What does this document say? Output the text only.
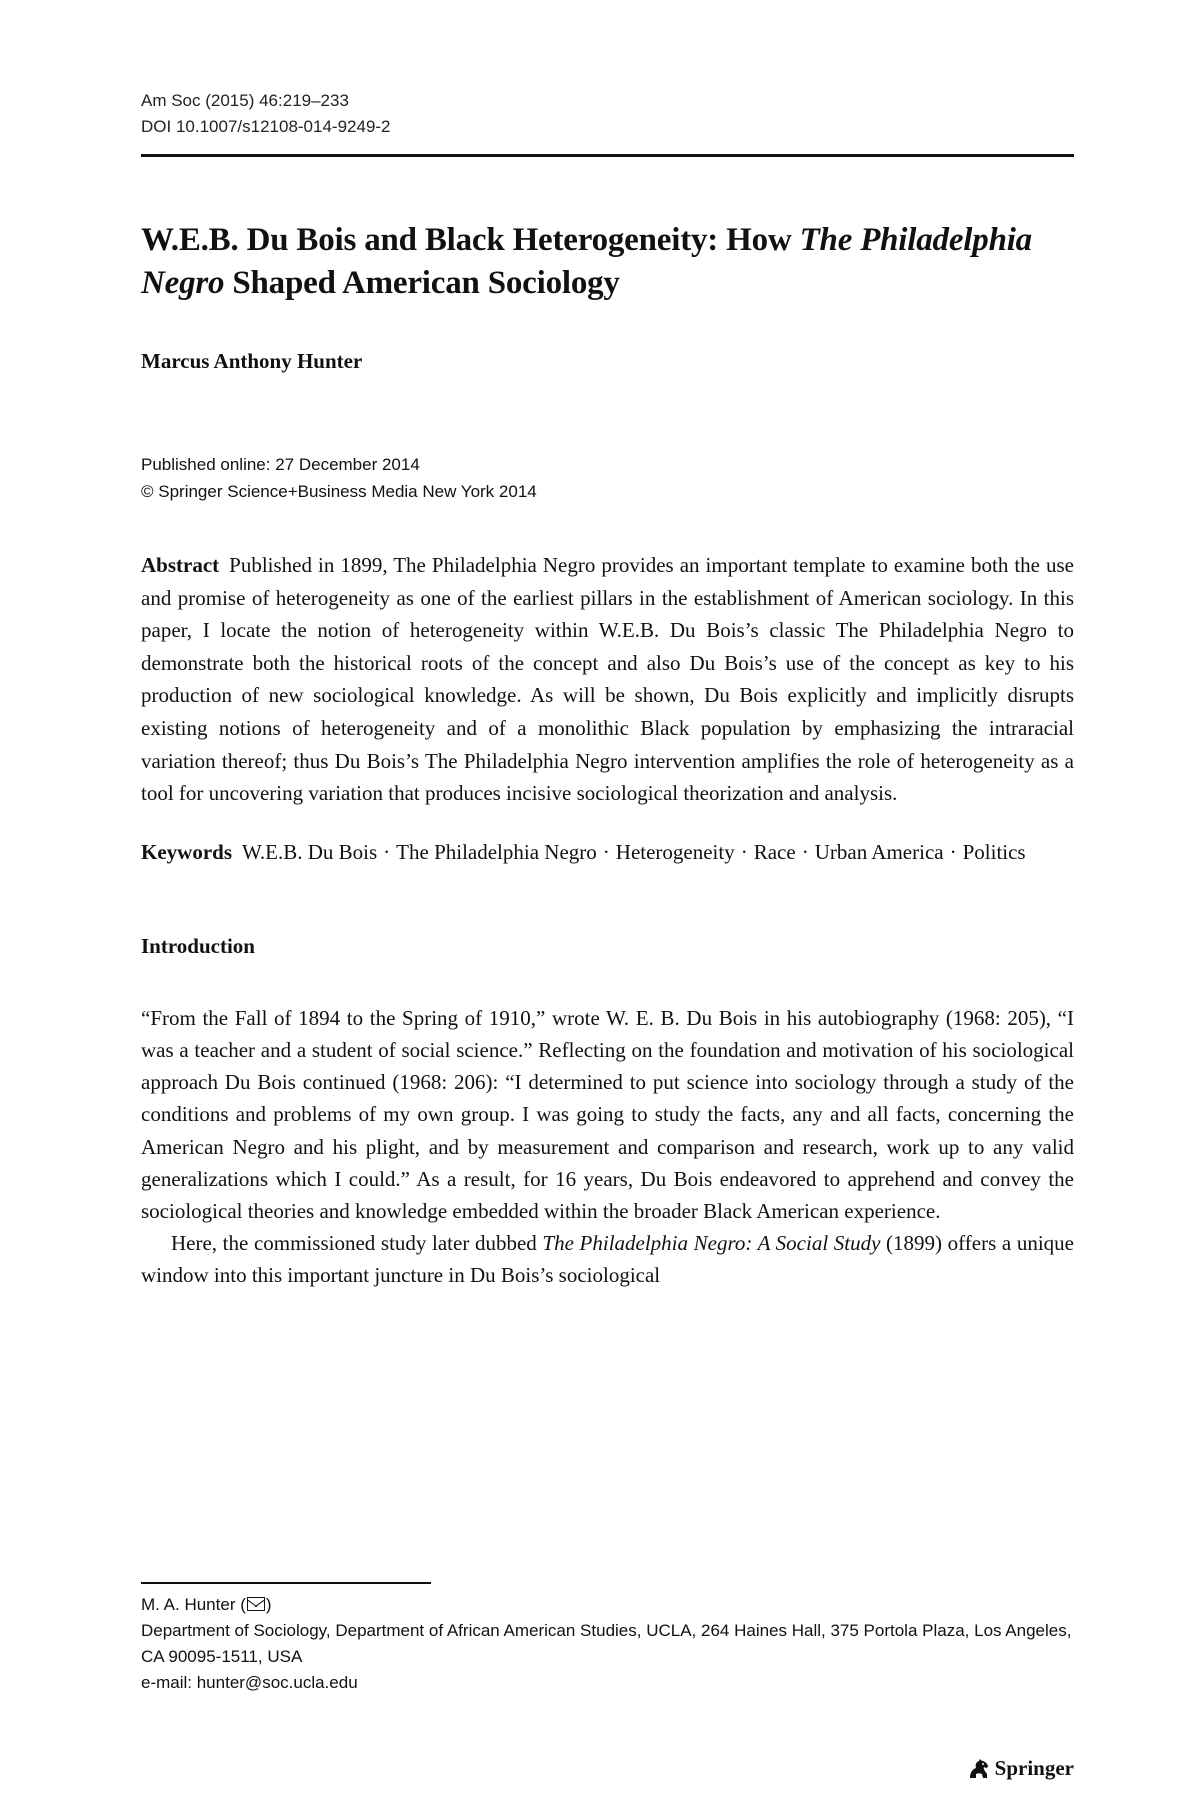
Am Soc (2015) 46:219–233
DOI 10.1007/s12108-014-9249-2
W.E.B. Du Bois and Black Heterogeneity: How The Philadelphia Negro Shaped American Sociology
Marcus Anthony Hunter
Published online: 27 December 2014
© Springer Science+Business Media New York 2014
Abstract Published in 1899, The Philadelphia Negro provides an important template to examine both the use and promise of heterogeneity as one of the earliest pillars in the establishment of American sociology. In this paper, I locate the notion of heterogeneity within W.E.B. Du Bois’s classic The Philadelphia Negro to demonstrate both the historical roots of the concept and also Du Bois’s use of the concept as key to his production of new sociological knowledge. As will be shown, Du Bois explicitly and implicitly disrupts existing notions of heterogeneity and of a monolithic Black population by emphasizing the intraracial variation thereof; thus Du Bois’s The Philadelphia Negro intervention amplifies the role of heterogeneity as a tool for uncovering variation that produces incisive sociological theorization and analysis.
Keywords W.E.B. Du Bois · The Philadelphia Negro · Heterogeneity · Race · Urban America · Politics
Introduction

“From the Fall of 1894 to the Spring of 1910,” wrote W. E. B. Du Bois in his autobiography (1968: 205), “I was a teacher and a student of social science.” Reflecting on the foundation and motivation of his sociological approach Du Bois continued (1968: 206): “I determined to put science into sociology through a study of the conditions and problems of my own group. I was going to study the facts, any and all facts, concerning the American Negro and his plight, and by measurement and comparison and research, work up to any valid generalizations which I could.” As a result, for 16 years, Du Bois endeavored to apprehend and convey the sociological theories and knowledge embedded within the broader Black American experience.

Here, the commissioned study later dubbed The Philadelphia Negro: A Social Study (1899) offers a unique window into this important juncture in Du Bois’s sociological

M. A. Hunter ( )
Department of Sociology, Department of African American Studies, UCLA, 264 Haines Hall, 375 Portola Plaza, Los Angeles, CA 90095-1511, USA
e-mail: hunter@soc.ucla.edu
Springer
